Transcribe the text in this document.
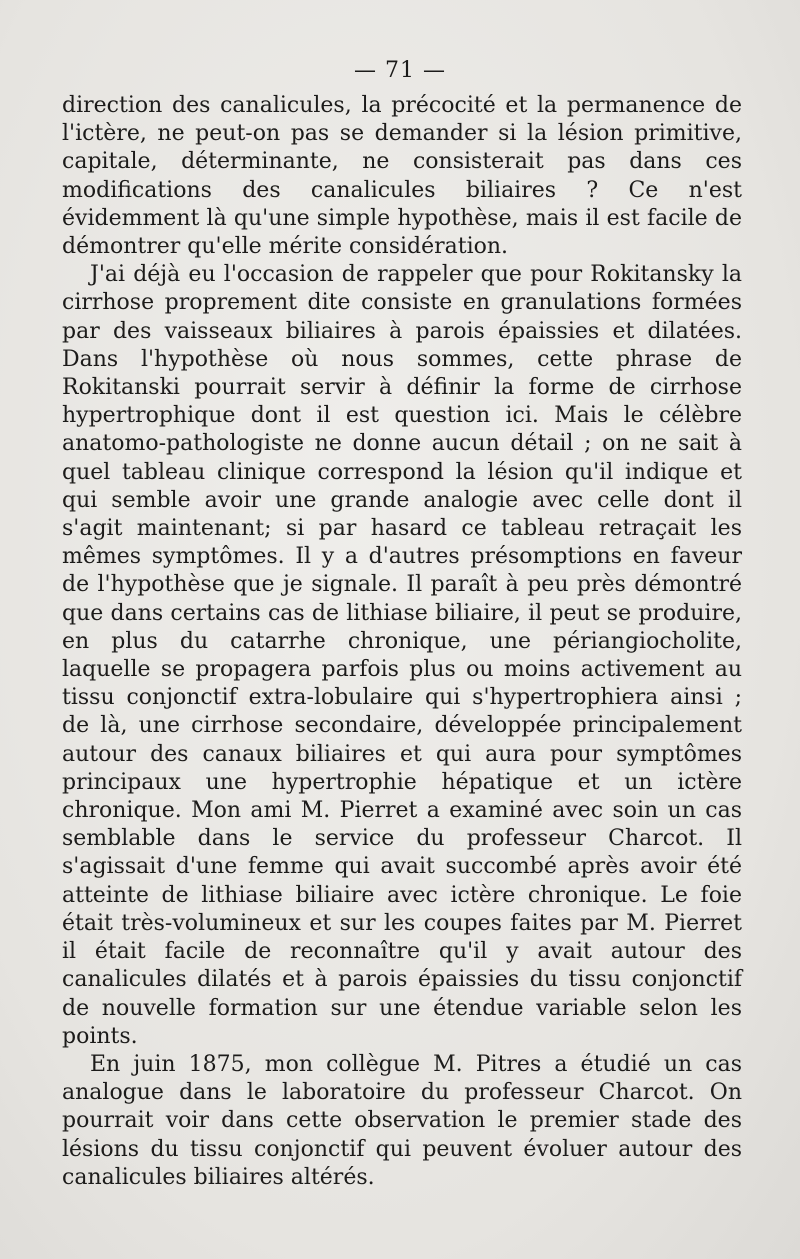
— 71 —

direction des canalicules, la précocité et la permanence de l'ictère, ne peut-on pas se demander si la lésion primitive, capitale, déterminante, ne consisterait pas dans ces modifications des canalicules biliaires ? Ce n'est évidemment là qu'une simple hypothèse, mais il est facile de démontrer qu'elle mérite considération.

J'ai déjà eu l'occasion de rappeler que pour Rokitansky la cirrhose proprement dite consiste en granulations formées par des vaisseaux biliaires à parois épaissies et dilatées. Dans l'hypothèse où nous sommes, cette phrase de Rokitanski pourrait servir à définir la forme de cirrhose hypertrophique dont il est question ici. Mais le célèbre anatomo-pathologiste ne donne aucun détail ; on ne sait à quel tableau clinique correspond la lésion qu'il indique et qui semble avoir une grande analogie avec celle dont il s'agit maintenant; si par hasard ce tableau retraçait les mêmes symptômes. Il y a d'autres présomptions en faveur de l'hypothèse que je signale. Il paraît à peu près démontré que dans certains cas de lithiase biliaire, il peut se produire, en plus du catarrhe chronique, une périangiocholite, laquelle se propagera parfois plus ou moins activement au tissu conjonctif extra-lobulaire qui s'hypertrophiera ainsi ; de là, une cirrhose secondaire, développée principalement autour des canaux biliaires et qui aura pour symptômes principaux une hypertrophie hépatique et un ictère chronique. Mon ami M. Pierret a examiné avec soin un cas semblable dans le service du professeur Charcot. Il s'agissait d'une femme qui avait succombé après avoir été atteinte de lithiase biliaire avec ictère chronique. Le foie était très-volumineux et sur les coupes faites par M. Pierret il était facile de reconnaître qu'il y avait autour des canalicules dilatés et à parois épaissies du tissu conjonctif de nouvelle formation sur une étendue variable selon les points.

En juin 1875, mon collègue M. Pitres a étudié un cas analogue dans le laboratoire du professeur Charcot. On pourrait voir dans cette observation le premier stade des lésions du tissu conjonctif qui peuvent évoluer autour des canalicules biliaires altérés.
